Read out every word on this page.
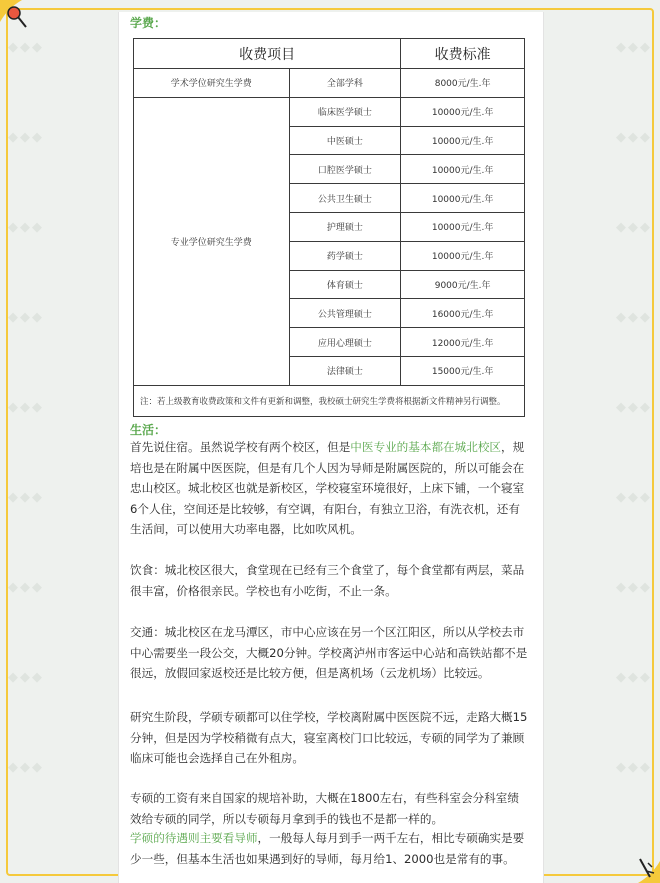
◆◆◆	◆◆◆
◆◆◆	◆◆◆
◆◆◆	◆◆◆
◆◆◆	◆◆◆
◆◆◆	◆◆◆
◆◆◆	◆◆◆
◆◆◆	◆◆◆
◆◆◆	◆◆◆
◆◆◆	◆◆◆
学费：
收费项目		收费标准
学术学位研究生学费	全部学科	8000元/生.年
专业学位研究生学费	临床医学硕士	10000元/生.年
	中医硕士	10000元/生.年
	口腔医学硕士	10000元/生.年
	公共卫生硕士	10000元/生.年
	护理硕士	10000元/生.年
	药学硕士	10000元/生.年
	体育硕士	9000元/生.年
	公共管理硕士	16000元/生.年
	应用心理硕士	12000元/生.年
	法律硕士	15000元/生.年
注：若上级教育收费政策和文件有更新和调整，我校硕士研究生学费将根据新文件精神另行调整。		
生活：
首先说住宿。虽然说学校有两个校区，但是中医专业的基本都在城北校区，规培也是在附属中医医院，但是有几个人因为导师是附属医院的，所以可能会在忠山校区。城北校区也就是新校区，学校寝室环境很好，上床下铺，一个寝室6个人住，空间还是比较够，有空调，有阳台，有独立卫浴，有洗衣机，还有生活间，可以使用大功率电器，比如吹风机。
饮食：城北校区很大，食堂现在已经有三个食堂了，每个食堂都有两层，菜品很丰富，价格很亲民。学校也有小吃街，不止一条。
交通：城北校区在龙马潭区，市中心应该在另一个区江阳区，所以从学校去市中心需要坐一段公交，大概20分钟。学校离泸州市客运中心站和高铁站都不是很远，放假回家返校还是比较方便，但是离机场（云龙机场）比较远。
研究生阶段，学硕专硕都可以住学校，学校离附属中医医院不远，走路大概15分钟，但是因为学校稍微有点大，寝室离校门口比较远，专硕的同学为了兼顾临床可能也会选择自己在外租房。
专硕的工资有来自国家的规培补助，大概在1800左右，有些科室会分科室绩效给专硕的同学，所以专硕每月拿到手的钱也不是都一样的。
学硕的待遇则主要看导师，一般每人每月到手一两千左右，相比专硕确实是要少一些，但基本生活也如果遇到好的导师，每月给1、2000也是常有的事。
